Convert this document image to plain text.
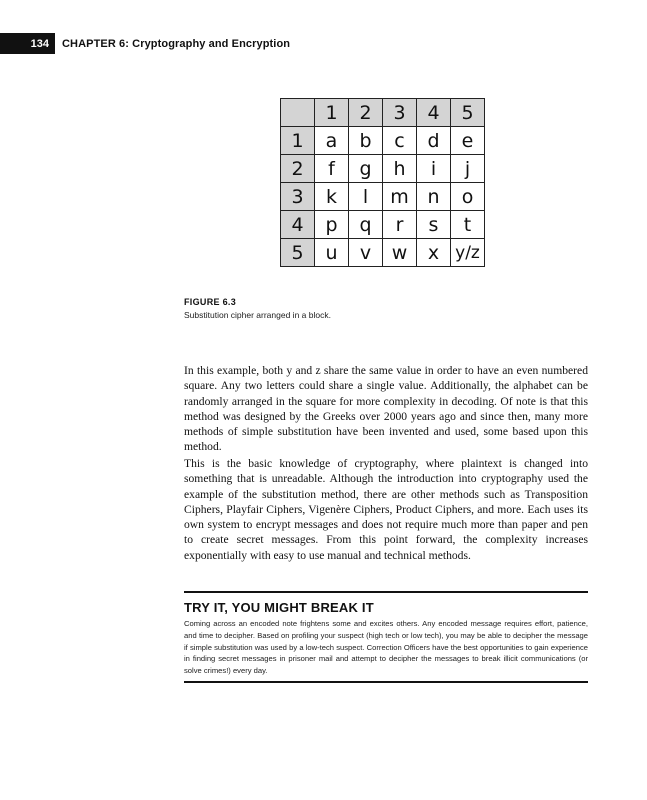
134	CHAPTER 6: Cryptography and Encryption
	1	2	3	4	5
1	a	b	c	d	e
2	f	g	h	i	j
3	k	l	m	n	o
4	p	q	r	s	t
5	u	v	w	x	y/z
FIGURE 6.3
Substitution cipher arranged in a block.

In this example, both y and z share the same value in order to have an even numbered square. Any two letters could share a single value. Additionally, the alphabet can be randomly arranged in the square for more complexity in decoding. Of note is that this method was designed by the Greeks over 2000 years ago and since then, many more methods of simple substitution have been invented and used, some based upon this method.

This is the basic knowledge of cryptography, where plaintext is changed into something that is unreadable. Although the introduction into cryptography used the example of the substitution method, there are other methods such as Transposition Ciphers, Playfair Ciphers, Vigenère Ciphers, Product Ciphers, and more. Each uses its own system to encrypt messages and does not require much more than paper and pen to create secret messages. From this point forward, the complexity increases exponentially with easy to use manual and technical methods.

TRY IT, YOU MIGHT BREAK IT

Coming across an encoded note frightens some and excites others. Any encoded message requires effort, patience, and time to decipher. Based on profiling your suspect (high tech or low tech), you may be able to decipher the message if simple substitution was used by a low-tech suspect. Correction Officers have the best opportunities to gain experience in finding secret messages in prisoner mail and attempt to decipher the messages to break illicit communications (or solve crimes!) every day.
